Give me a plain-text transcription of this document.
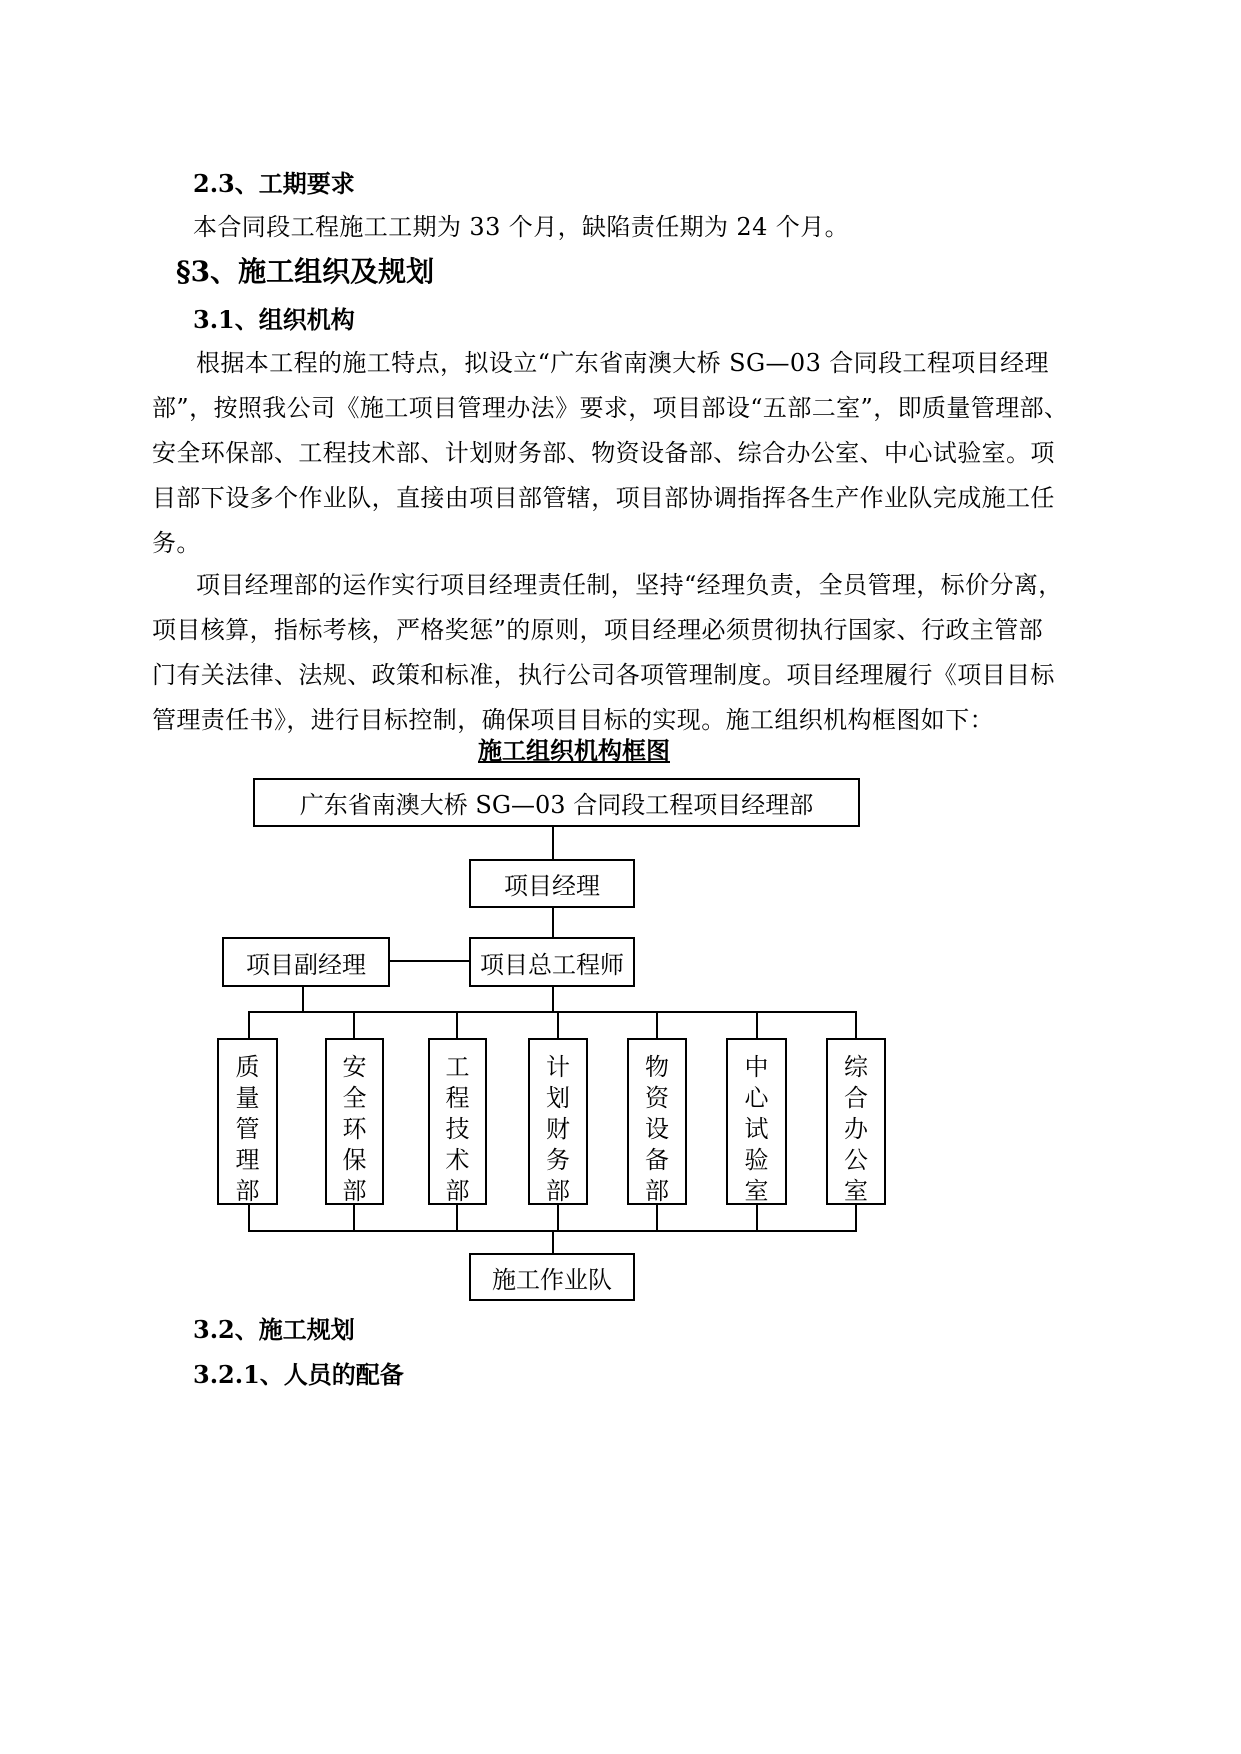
2.3、工期要求
本合同段工程施工工期为 33 个月，缺陷责任期为 24 个月。
§3、施工组织及规划
3.1、组织机构
根据本工程的施工特点，拟设立“广东省南澳大桥 SG—03 合同段工程项目经理
部”，按照我公司《施工项目管理办法》要求，项目部设“五部二室”，即质量管理部、
安全环保部、工程技术部、计划财务部、物资设备部、综合办公室、中心试验室。项
目部下设多个作业队，直接由项目部管辖，项目部协调指挥各生产作业队完成施工任
务。
项目经理部的运作实行项目经理责任制，坚持“经理负责，全员管理，标价分离，
项目核算，指标考核，严格奖惩”的原则，项目经理必须贯彻执行国家、行政主管部
门有关法律、法规、政策和标准，执行公司各项管理制度。项目经理履行《项目目标
管理责任书》，进行目标控制，确保项目目标的实现。施工组织机构框图如下：
施工组织机构框图
广东省南澳大桥 SG—03 合同段工程项目经理部
项目经理
项目副经理	项目总工程师
质
量
管
理
部
安
全
环
保
部
工
程
技
术
部
计
划
财
务
部
物
资
设
备
部
中
心
试
验
室
综
合
办
公
室
施工作业队
3.2、施工规划
3.2.1、人员的配备
